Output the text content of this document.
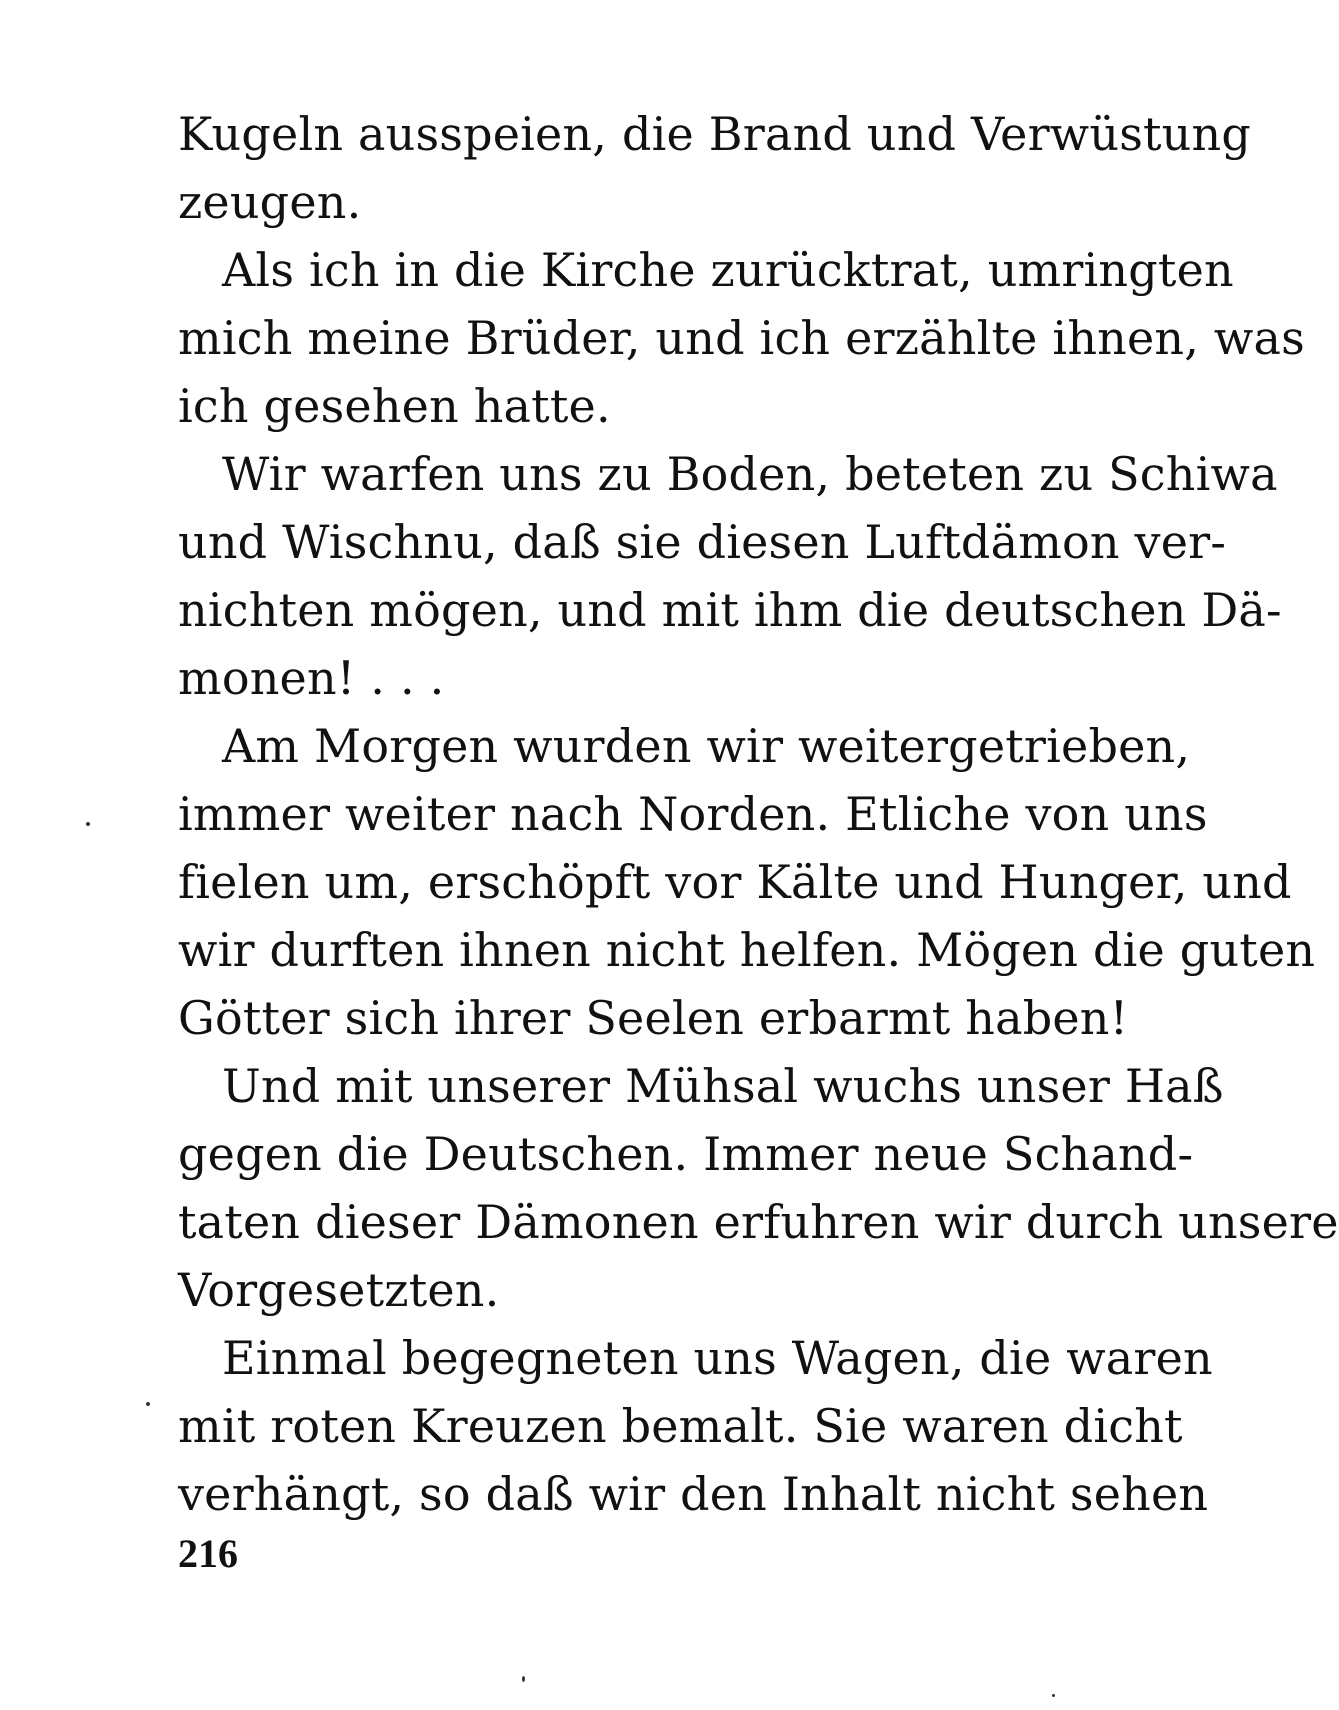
Kugeln ausspeien, die Brand und Verwüstung
zeugen.
Als ich in die Kirche zurücktrat, umringten
mich meine Brüder, und ich erzählte ihnen, was
ich gesehen hatte.
Wir warfen uns zu Boden, beteten zu Schiwa
und Wischnu, daß sie diesen Luftdämon ver-
nichten mögen, und mit ihm die deutschen Dä-
monen! . . .
Am Morgen wurden wir weitergetrieben,
immer weiter nach Norden. Etliche von uns
fielen um, erschöpft vor Kälte und Hunger, und
wir durften ihnen nicht helfen. Mögen die guten
Götter sich ihrer Seelen erbarmt haben!
Und mit unserer Mühsal wuchs unser Haß
gegen die Deutschen. Immer neue Schand-
taten dieser Dämonen erfuhren wir durch unsere
Vorgesetzten.
Einmal begegneten uns Wagen, die waren
mit roten Kreuzen bemalt. Sie waren dicht
verhängt, so daß wir den Inhalt nicht sehen
216
